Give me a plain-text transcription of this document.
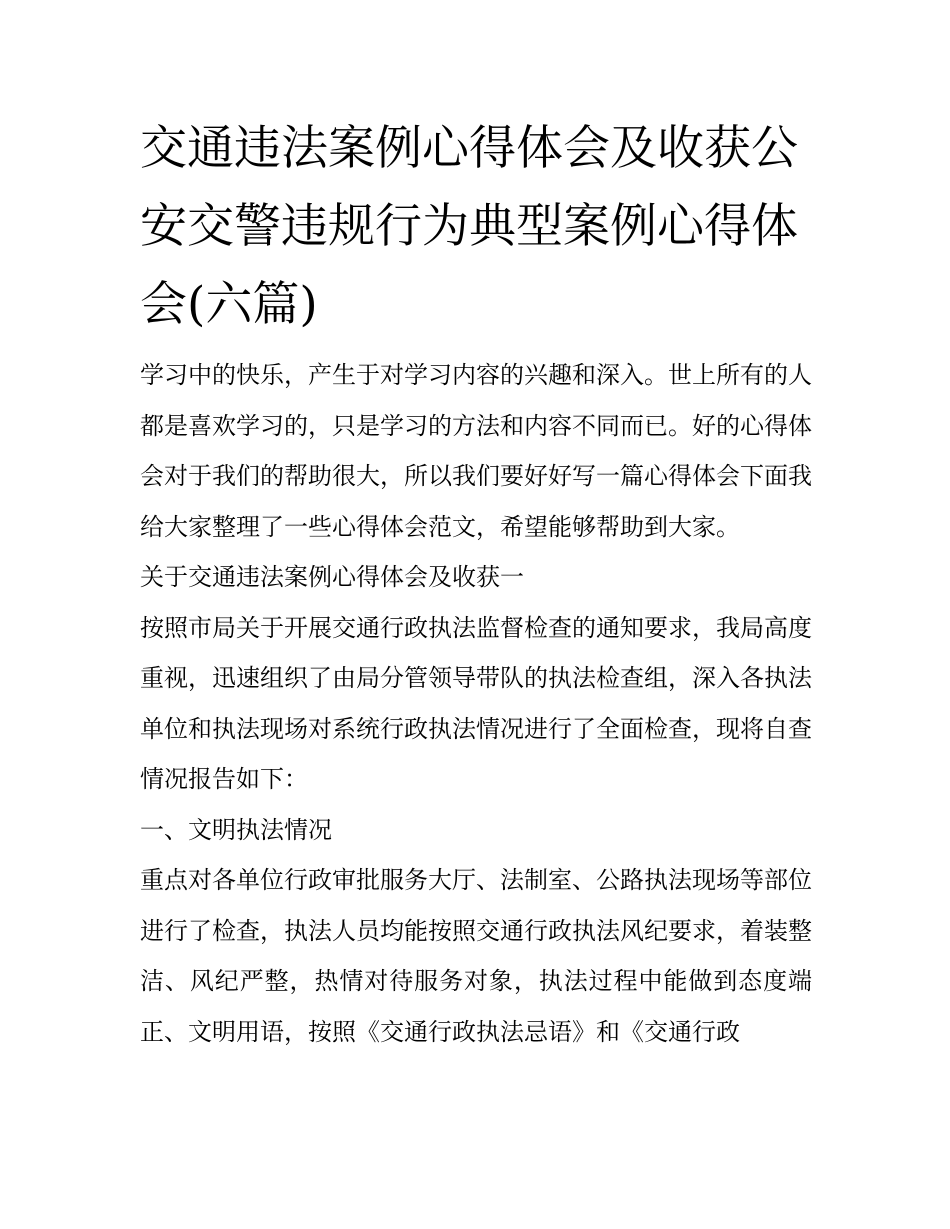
交通违法案例心得体会及收获公安交警违规行为典型案例心得体会(六篇)

学习中的快乐，产生于对学习内容的兴趣和深入。世上所有的人都是喜欢学习的，只是学习的方法和内容不同而已。好的心得体会对于我们的帮助很大，所以我们要好好写一篇心得体会下面我给大家整理了一些心得体会范文，希望能够帮助到大家。

关于交通违法案例心得体会及收获一

按照市局关于开展交通行政执法监督检查的通知要求，我局高度重视，迅速组织了由局分管领导带队的执法检查组，深入各执法单位和执法现场对系统行政执法情况进行了全面检查，现将自查情况报告如下：

一、文明执法情况

重点对各单位行政审批服务大厅、法制室、公路执法现场等部位进行了检查，执法人员均能按照交通行政执法风纪要求，着装整洁、风纪严整，热情对待服务对象，执法过程中能做到态度端正、文明用语，按照《交通行政执法忌语》和《交通行政
